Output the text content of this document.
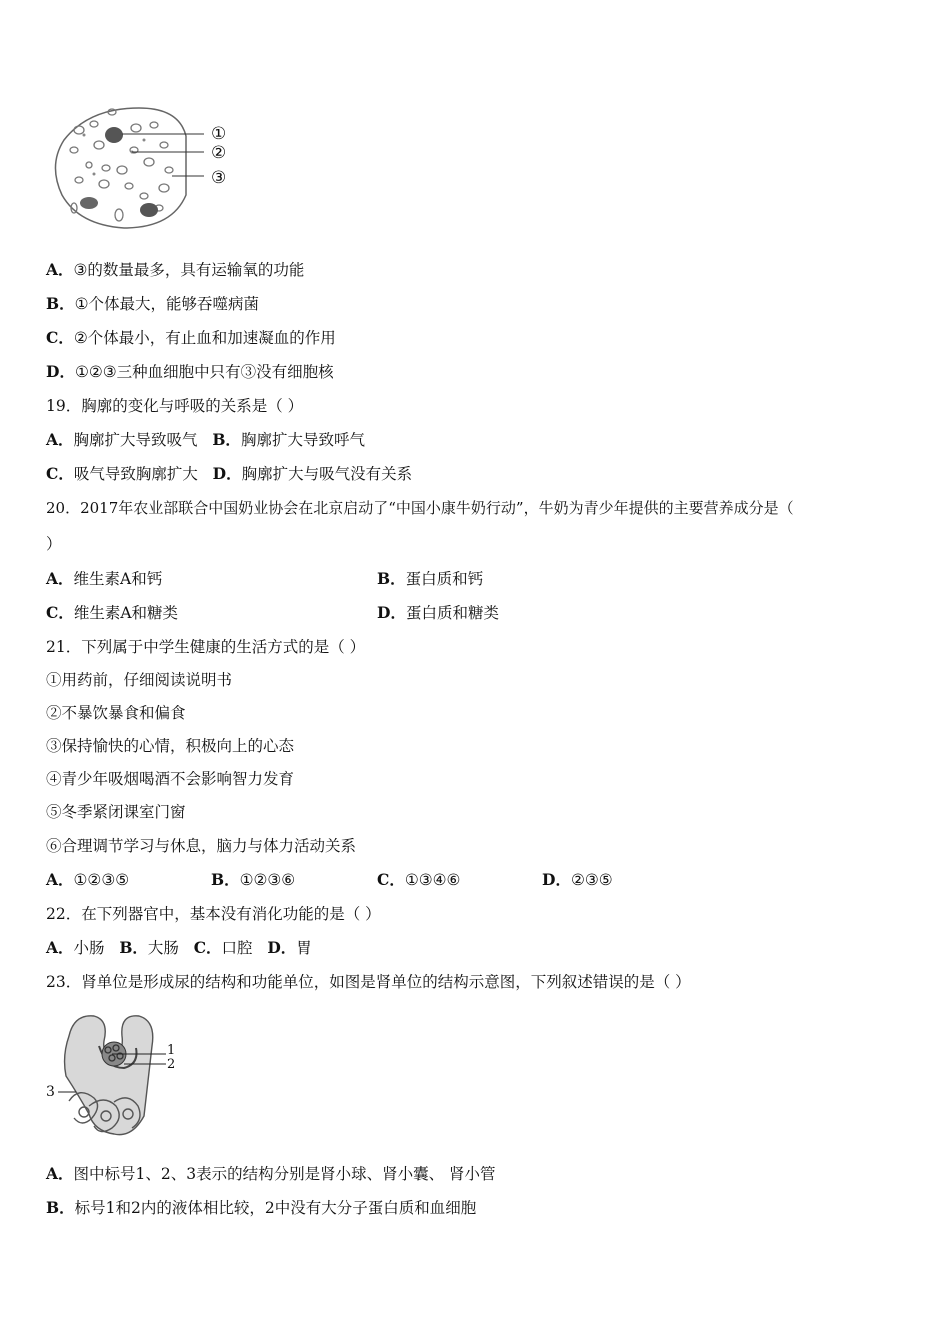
①
②
③
A．③的数量最多，具有运输氧的功能
B．①个体最大，能够吞噬病菌
C．②个体最小，有止血和加速凝血的作用
D．①②③三种血细胞中只有③没有细胞核
19．胸廓的变化与呼吸的关系是（ ）
A．胸廓扩大导致吸气   B．胸廓扩大导致呼气
C．吸气导致胸廓扩大   D．胸廓扩大与吸气没有关系
20．2017年农业部联合中国奶业协会在北京启动了“中国小康牛奶行动”，牛奶为青少年提供的主要营养成分是（
）
A．维生素A和钙	B．蛋白质和钙
C．维生素A和糖类	D．蛋白质和糖类
21．下列属于中学生健康的生活方式的是（ ）
①用药前，仔细阅读说明书
②不暴饮暴食和偏食
③保持愉快的心情，积极向上的心态
④青少年吸烟喝酒不会影响智力发育
⑤冬季紧闭课室门窗
⑥合理调节学习与休息，脑力与体力活动关系
A．①②③⑤	B．①②③⑥	C．①③④⑥	D．②③⑤
22．在下列器官中，基本没有消化功能的是（ ）
A．小肠   B．大肠   C．口腔   D．胃
23．肾单位是形成尿的结构和功能单位，如图是肾单位的结构示意图，下列叙述错误的是（ ）
1
2
3
A．图中标号1、2、3表示的结构分别是肾小球、肾小囊、 肾小管
B．标号1和2内的液体相比较，2中没有大分子蛋白质和血细胞
